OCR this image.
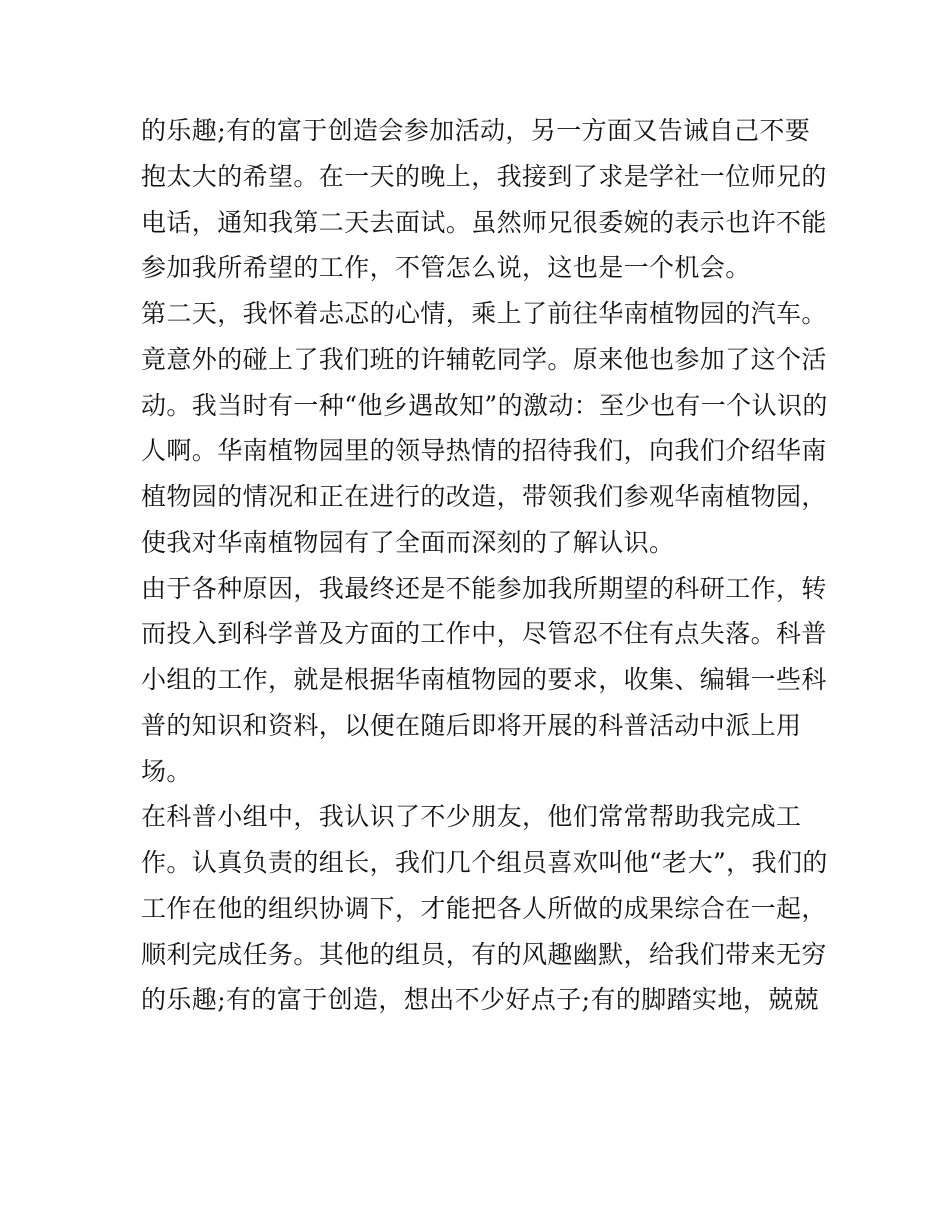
的乐趣;有的富于创造会参加活动，另一方面又告诫自己不要
抱太大的希望。在一天的晚上，我接到了求是学社一位师兄的
电话，通知我第二天去面试。虽然师兄很委婉的表示也许不能
参加我所希望的工作，不管怎么说，这也是一个机会。
第二天，我怀着忐忑的心情，乘上了前往华南植物园的汽车。
竟意外的碰上了我们班的许辅乾同学。原来他也参加了这个活
动。我当时有一种“他乡遇故知”的激动：至少也有一个认识的
人啊。华南植物园里的领导热情的招待我们，向我们介绍华南
植物园的情况和正在进行的改造，带领我们参观华南植物园，
使我对华南植物园有了全面而深刻的了解认识。
由于各种原因，我最终还是不能参加我所期望的科研工作，转
而投入到科学普及方面的工作中，尽管忍不住有点失落。科普
小组的工作，就是根据华南植物园的要求，收集、编辑一些科
普的知识和资料，以便在随后即将开展的科普活动中派上用
场。
在科普小组中，我认识了不少朋友，他们常常帮助我完成工
作。认真负责的组长，我们几个组员喜欢叫他“老大”，我们的
工作在他的组织协调下，才能把各人所做的成果综合在一起，
顺利完成任务。其他的组员，有的风趣幽默，给我们带来无穷
的乐趣;有的富于创造，想出不少好点子;有的脚踏实地，兢兢
